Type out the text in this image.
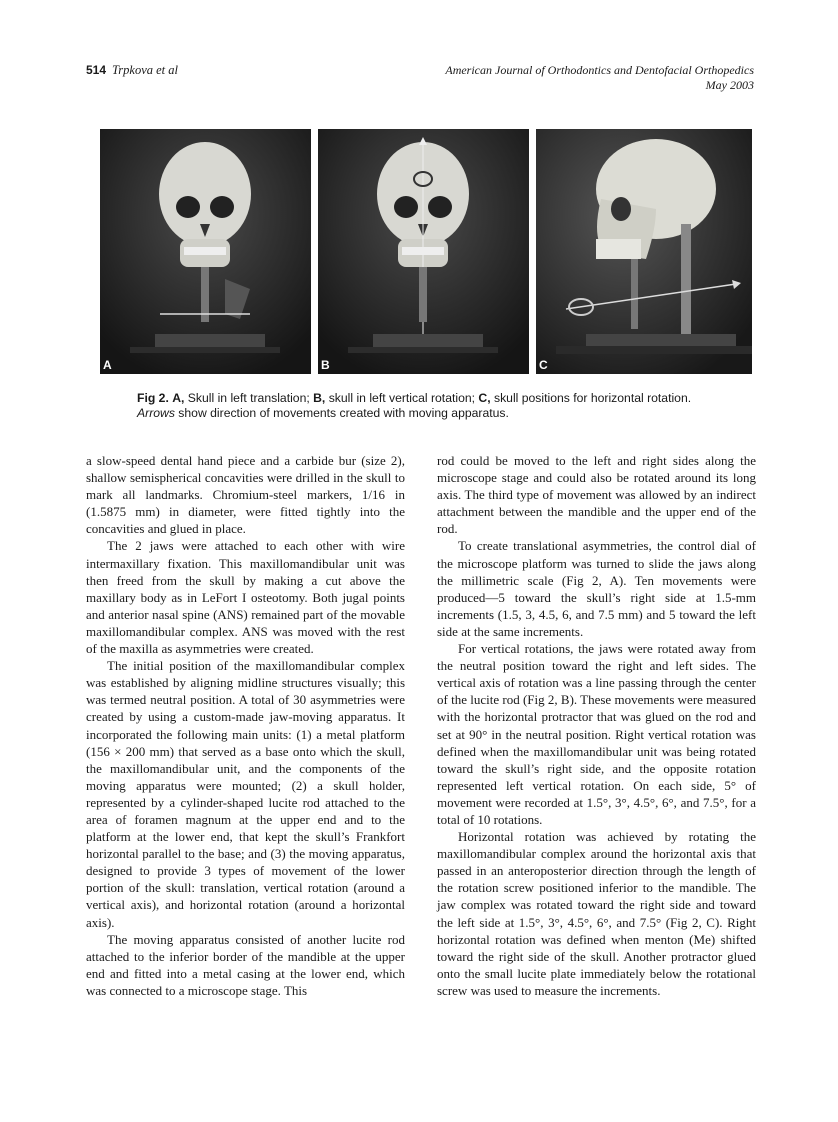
514 Trpkova et al	American Journal of Orthodontics and Dentofacial Orthopedics
May 2003
A	B	C
Fig 2. A, Skull in left translation; B, skull in left vertical rotation; C, skull positions for horizontal rotation. Arrows show direction of movements created with moving apparatus.

a slow-speed dental hand piece and a carbide bur (size 2), shallow semispherical concavities were drilled in the skull to mark all landmarks. Chromium-steel markers, 1/16 in (1.5875 mm) in diameter, were fitted tightly into the concavities and glued in place.

The 2 jaws were attached to each other with wire intermaxillary fixation. This maxillomandibular unit was then freed from the skull by making a cut above the maxillary body as in LeFort I osteotomy. Both jugal points and anterior nasal spine (ANS) remained part of the movable maxillomandibular complex. ANS was moved with the rest of the maxilla as asymmetries were created.

The initial position of the maxillomandibular complex was established by aligning midline structures visually; this was termed neutral position. A total of 30 asymmetries were created by using a custom-made jaw-moving apparatus. It incorporated the following main units: (1) a metal platform (156 × 200 mm) that served as a base onto which the skull, the maxillomandibular unit, and the components of the moving apparatus were mounted; (2) a skull holder, represented by a cylinder-shaped lucite rod attached to the area of foramen magnum at the upper end and to the platform at the lower end, that kept the skull’s Frankfort horizontal parallel to the base; and (3) the moving apparatus, designed to provide 3 types of movement of the lower portion of the skull: translation, vertical rotation (around a vertical axis), and horizontal rotation (around a horizontal axis).

The moving apparatus consisted of another lucite rod attached to the inferior border of the mandible at the upper end and fitted into a metal casing at the lower end, which was connected to a microscope stage. This

rod could be moved to the left and right sides along the microscope stage and could also be rotated around its long axis. The third type of movement was allowed by an indirect attachment between the mandible and the upper end of the rod.

To create translational asymmetries, the control dial of the microscope platform was turned to slide the jaws along the millimetric scale (Fig 2, A). Ten movements were produced—5 toward the skull’s right side at 1.5-mm increments (1.5, 3, 4.5, 6, and 7.5 mm) and 5 toward the left side at the same increments.

For vertical rotations, the jaws were rotated away from the neutral position toward the right and left sides. The vertical axis of rotation was a line passing through the center of the lucite rod (Fig 2, B). These movements were measured with the horizontal protractor that was glued on the rod and set at 90° in the neutral position. Right vertical rotation was defined when the maxillomandibular unit was being rotated toward the skull’s right side, and the opposite rotation represented left vertical rotation. On each side, 5° of movement were recorded at 1.5°, 3°, 4.5°, 6°, and 7.5°, for a total of 10 rotations.

Horizontal rotation was achieved by rotating the maxillomandibular complex around the horizontal axis that passed in an anteroposterior direction through the length of the rotation screw positioned inferior to the mandible. The jaw complex was rotated toward the right side and toward the left side at 1.5°, 3°, 4.5°, 6°, and 7.5° (Fig 2, C). Right horizontal rotation was defined when menton (Me) shifted toward the right side of the skull. Another protractor glued onto the small lucite plate immediately below the rotational screw was used to measure the increments.
